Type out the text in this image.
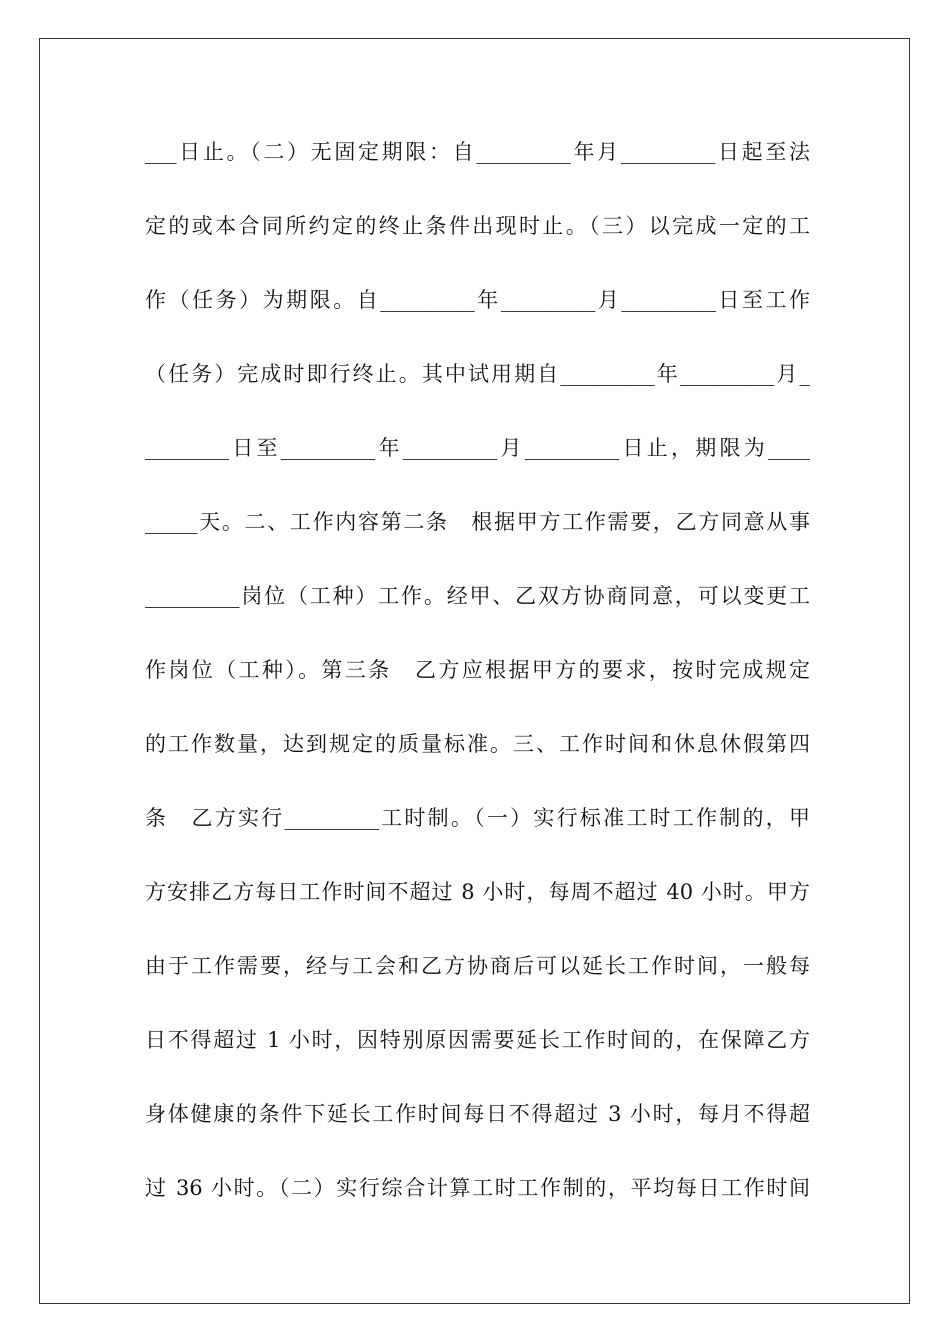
___日止。（二）无固定期限：自_________年月_________日起至法
定的或本合同所约定的终止条件出现时止。（三）以完成一定的工
作（任务）为期限。自_________年_________月_________日至工作
（任务）完成时即行终止。其中试用期自_________年_________月_
________日至_________年_________月_________日止，期限为____
_____天。二、工作内容第二条　根据甲方工作需要，乙方同意从事
_________岗位（工种）工作。经甲、乙双方协商同意，可以变更工
作岗位（工种）。第三条　乙方应根据甲方的要求，按时完成规定
的工作数量，达到规定的质量标准。三、工作时间和休息休假第四
条　乙方实行_________工时制。（一）实行标准工时工作制的，甲
方安排乙方每日工作时间不超过 8 小时，每周不超过 40 小时。甲方
由于工作需要，经与工会和乙方协商后可以延长工作时间，一般每
日不得超过 1 小时，因特别原因需要延长工作时间的，在保障乙方
身体健康的条件下延长工作时间每日不得超过 3 小时，每月不得超
过 36 小时。（二）实行综合计算工时工作制的，平均每日工作时间
